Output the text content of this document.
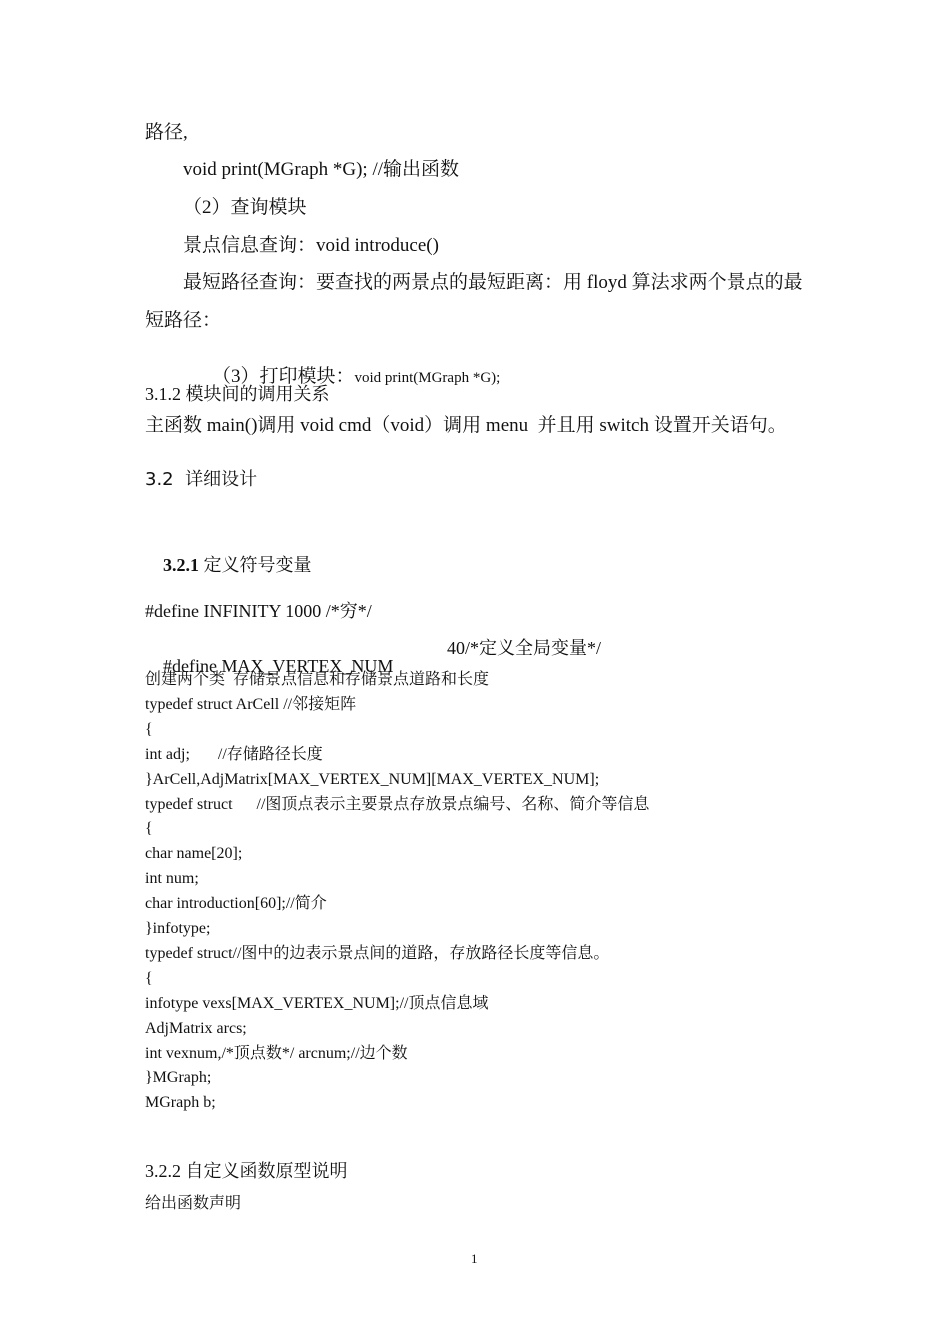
路径,
void print(MGraph *G); //输出函数
（2）查询模块
景点信息查询：void introduce()
最短路径查询：要查找的两景点的最短距离：用 floyd 算法求两个景点的最
短路径：

（3）打印模块：void print(MGraph *G);

3.1.2 模块间的调用关系
主函数 main()调用 void cmd（void）调用 menu  并且用 switch 设置开关语句。
3.2  详细设计

3.2.1 定义符号变量

#define INFINITY 1000 /*穷*/

#define MAX_VERTEX_NUM
40/*定义全局变量*/

创建两个类  存储景点信息和存储景点道路和长度
typedef struct ArCell //邻接矩阵
{
int adj;       //存储路径长度
}ArCell,AdjMatrix[MAX_VERTEX_NUM][MAX_VERTEX_NUM];
typedef struct      //图顶点表示主要景点存放景点编号、名称、简介等信息
{
char name[20];
int num;
char introduction[60];//简介
}infotype;
typedef struct//图中的边表示景点间的道路，存放路径长度等信息。
{
infotype vexs[MAX_VERTEX_NUM];//顶点信息域
AdjMatrix arcs;
int vexnum,/*顶点数*/ arcnum;//边个数
}MGraph;
MGraph b;
3.2.2 自定义函数原型说明
给出函数声明
1
